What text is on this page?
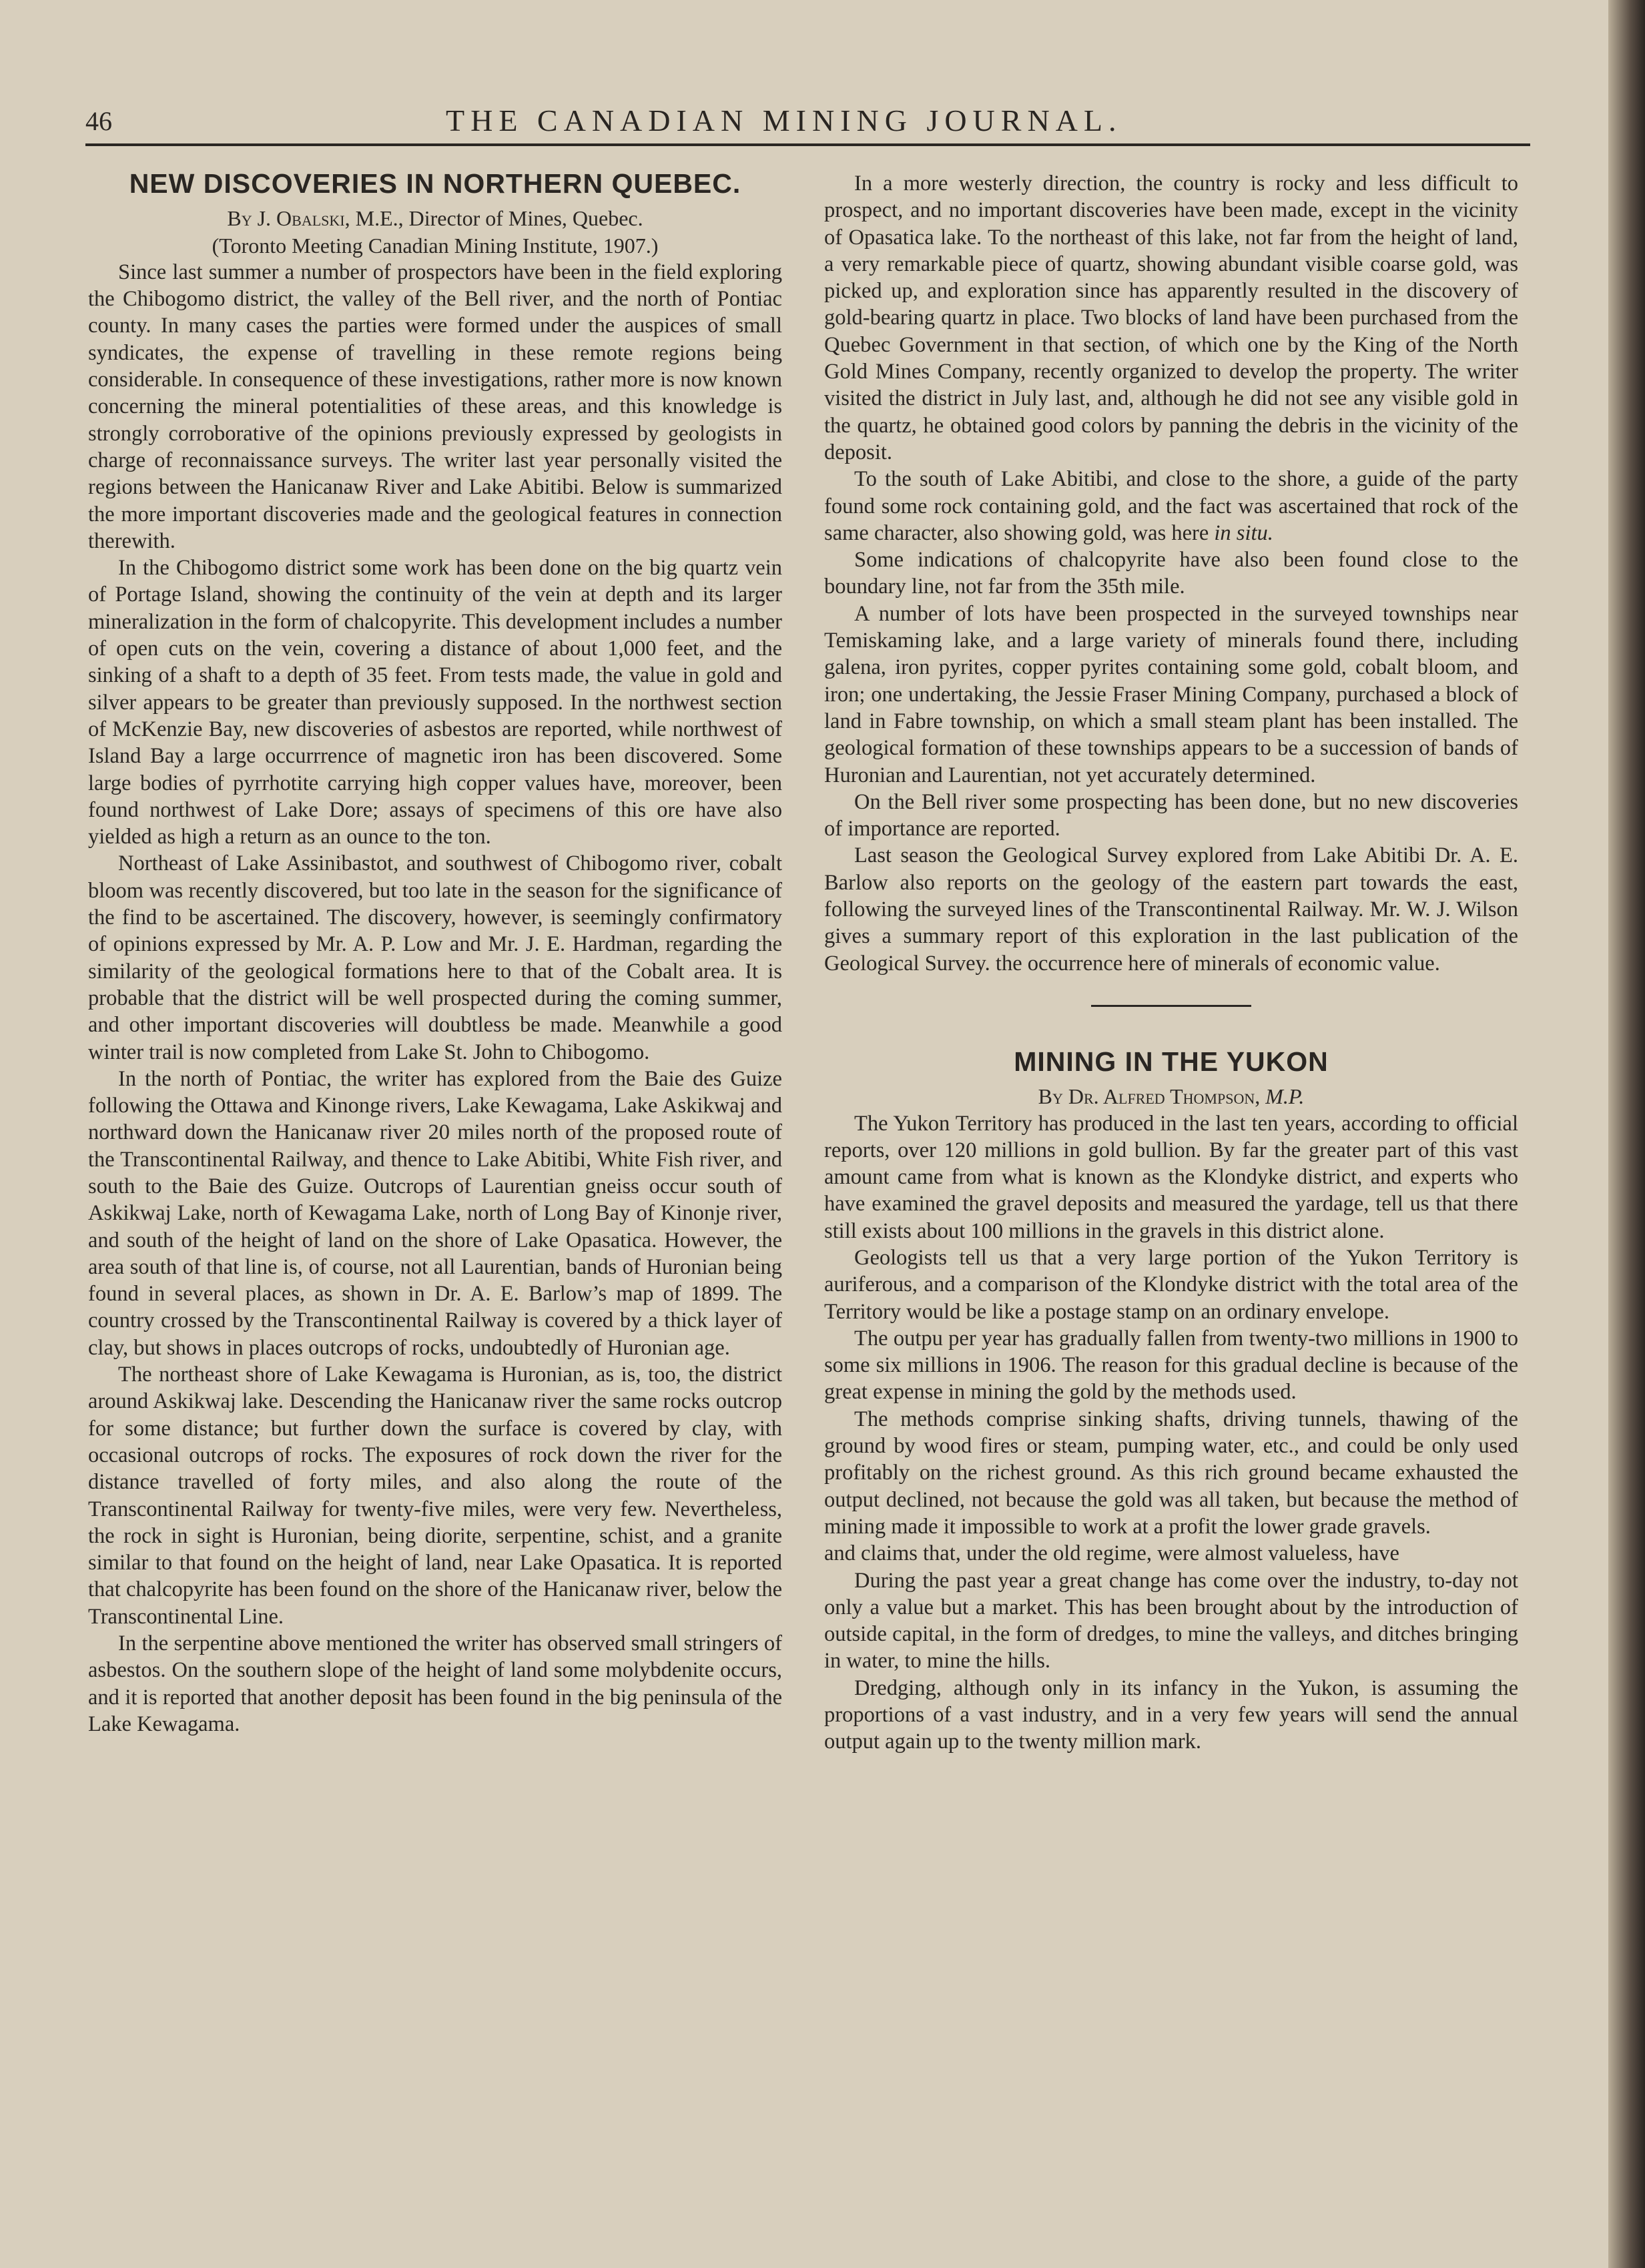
46	THE CANADIAN MINING JOURNAL.
NEW DISCOVERIES IN NORTHERN QUEBEC.

By J. Obalski, M.E., Director of Mines, Quebec.

(Toronto Meeting Canadian Mining Institute, 1907.)

Since last summer a number of prospectors have been in the field exploring the Chibogomo district, the valley of the Bell river, and the north of Pontiac county. In many cases the parties were formed under the auspices of small syndicates, the expense of travelling in these remote regions being considerable. In consequence of these investigations, rather more is now known concerning the mineral potentialities of these areas, and this knowledge is strongly corroborative of the opinions previously expressed by geologists in charge of reconnaissance surveys. The writer last year personally visited the regions between the Hanicanaw River and Lake Abitibi. Below is summarized the more important discoveries made and the geological features in connection therewith.

In the Chibogomo district some work has been done on the big quartz vein of Portage Island, showing the continuity of the vein at depth and its larger mineralization in the form of chalcopyrite. This development includes a number of open cuts on the vein, covering a distance of about 1,000 feet, and the sinking of a shaft to a depth of 35 feet. From tests made, the value in gold and silver appears to be greater than previously supposed. In the northwest section of McKenzie Bay, new discoveries of asbestos are reported, while northwest of Island Bay a large occurrrence of magnetic iron has been discovered. Some large bodies of pyrrhotite carrying high copper values have, moreover, been found northwest of Lake Dore; assays of specimens of this ore have also yielded as high a return as an ounce to the ton.

Northeast of Lake Assinibastot, and southwest of Chibogomo river, cobalt bloom was recently discovered, but too late in the season for the significance of the find to be ascertained. The discovery, however, is seemingly confirmatory of opinions expressed by Mr. A. P. Low and Mr. J. E. Hardman, regarding the similarity of the geological formations here to that of the Cobalt area. It is probable that the district will be well prospected during the coming summer, and other important discoveries will doubtless be made. Meanwhile a good winter trail is now completed from Lake St. John to Chibogomo.

In the north of Pontiac, the writer has explored from the Baie des Guize following the Ottawa and Kinonge rivers, Lake Kewagama, Lake Askikwaj and northward down the Hanicanaw river 20 miles north of the proposed route of the Transcontinental Railway, and thence to Lake Abitibi, White Fish river, and south to the Baie des Guize. Outcrops of Laurentian gneiss occur south of Askikwaj Lake, north of Kewagama Lake, north of Long Bay of Kinonje river, and south of the height of land on the shore of Lake Opasatica. However, the area south of that line is, of course, not all Laurentian, bands of Huronian being found in several places, as shown in Dr. A. E. Barlow’s map of 1899. The country crossed by the Transcontinental Railway is covered by a thick layer of clay, but shows in places outcrops of rocks, undoubtedly of Huronian age.

The northeast shore of Lake Kewagama is Huronian, as is, too, the district around Askikwaj lake. Descending the Hanicanaw river the same rocks outcrop for some distance; but further down the surface is covered by clay, with occasional outcrops of rocks. The exposures of rock down the river for the distance travelled of forty miles, and also along the route of the Transcontinental Railway for twenty-five miles, were very few. Nevertheless, the rock in sight is Huronian, being diorite, serpentine, schist, and a granite similar to that found on the height of land, near Lake Opasatica. It is reported that chalcopyrite has been found on the shore of the Hanicanaw river, below the Transcontinental Line.

In the serpentine above mentioned the writer has observed small stringers of asbestos. On the southern slope of the height of land some molybdenite occurs, and it is reported that another deposit has been found in the big peninsula of the Lake Kewagama.

In a more westerly direction, the country is rocky and less difficult to prospect, and no important discoveries have been made, except in the vicinity of Opasatica lake. To the northeast of this lake, not far from the height of land, a very remarkable piece of quartz, showing abundant visible coarse gold, was picked up, and exploration since has apparently resulted in the discovery of gold-bearing quartz in place. Two blocks of land have been purchased from the Quebec Government in that section, of which one by the King of the North Gold Mines Company, recently organized to develop the property. The writer visited the district in July last, and, although he did not see any visible gold in the quartz, he obtained good colors by panning the debris in the vicinity of the deposit.

To the south of Lake Abitibi, and close to the shore, a guide of the party found some rock containing gold, and the fact was ascertained that rock of the same character, also showing gold, was here in situ.

Some indications of chalcopyrite have also been found close to the boundary line, not far from the 35th mile.

A number of lots have been prospected in the surveyed townships near Temiskaming lake, and a large variety of minerals found there, including galena, iron pyrites, copper pyrites containing some gold, cobalt bloom, and iron; one undertaking, the Jessie Fraser Mining Company, purchased a block of land in Fabre township, on which a small steam plant has been installed. The geological formation of these townships appears to be a succession of bands of Huronian and Laurentian, not yet accurately determined.

On the Bell river some prospecting has been done, but no new discoveries of importance are reported.

Last season the Geological Survey explored from Lake Abitibi Dr. A. E. Barlow also reports on the geology of the eastern part towards the east, following the surveyed lines of the Transcontinental Railway. Mr. W. J. Wilson gives a summary report of this exploration in the last publication of the Geological Survey. the occurrence here of minerals of economic value.

MINING IN THE YUKON

By Dr. Alfred Thompson, M.P.

The Yukon Territory has produced in the last ten years, according to official reports, over 120 millions in gold bullion. By far the greater part of this vast amount came from what is known as the Klondyke district, and experts who have examined the gravel deposits and measured the yardage, tell us that there still exists about 100 millions in the gravels in this district alone.

Geologists tell us that a very large portion of the Yukon Territory is auriferous, and a comparison of the Klondyke district with the total area of the Territory would be like a postage stamp on an ordinary envelope.

The outpu per year has gradually fallen from twenty-two millions in 1900 to some six millions in 1906. The reason for this gradual decline is because of the great expense in mining the gold by the methods used.

The methods comprise sinking shafts, driving tunnels, thawing of the ground by wood fires or steam, pumping water, etc., and could be only used profitably on the richest ground. As this rich ground became exhausted the output declined, not because the gold was all taken, but because the method of mining made it impossible to work at a profit the lower grade gravels.

and claims that, under the old regime, were almost valueless, have

During the past year a great change has come over the industry, to-day not only a value but a market. This has been brought about by the introduction of outside capital, in the form of dredges, to mine the valleys, and ditches bringing in water, to mine the hills.

Dredging, although only in its infancy in the Yukon, is assuming the proportions of a vast industry, and in a very few years will send the annual output again up to the twenty million mark.
